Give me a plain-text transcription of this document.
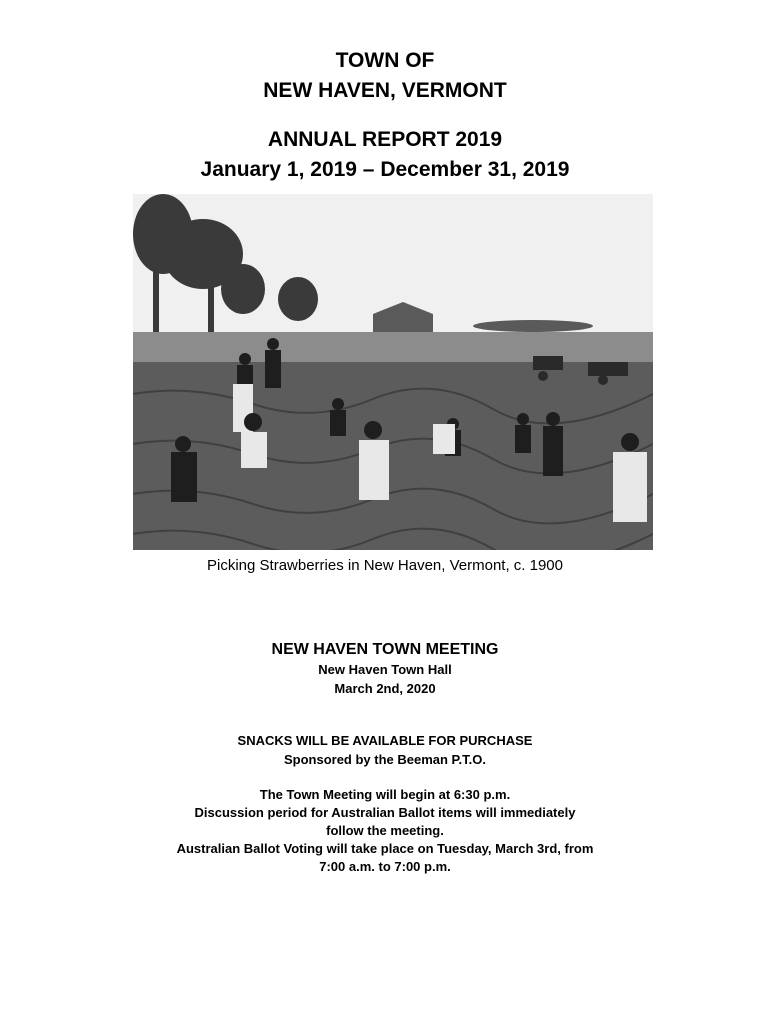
TOWN OF
NEW HAVEN, VERMONT
ANNUAL REPORT 2019
January 1, 2019 – December 31, 2019
Picking Strawberries in New Haven, Vermont, c. 1900
NEW HAVEN TOWN MEETING
New Haven Town Hall
March 2nd, 2020
SNACKS WILL BE AVAILABLE FOR PURCHASE
Sponsored by the Beeman P.T.O.
The Town Meeting will begin at 6:30 p.m.
Discussion period for Australian Ballot items will immediately
follow the meeting.
Australian Ballot Voting will take place on Tuesday, March 3rd, from
7:00 a.m. to 7:00 p.m.
